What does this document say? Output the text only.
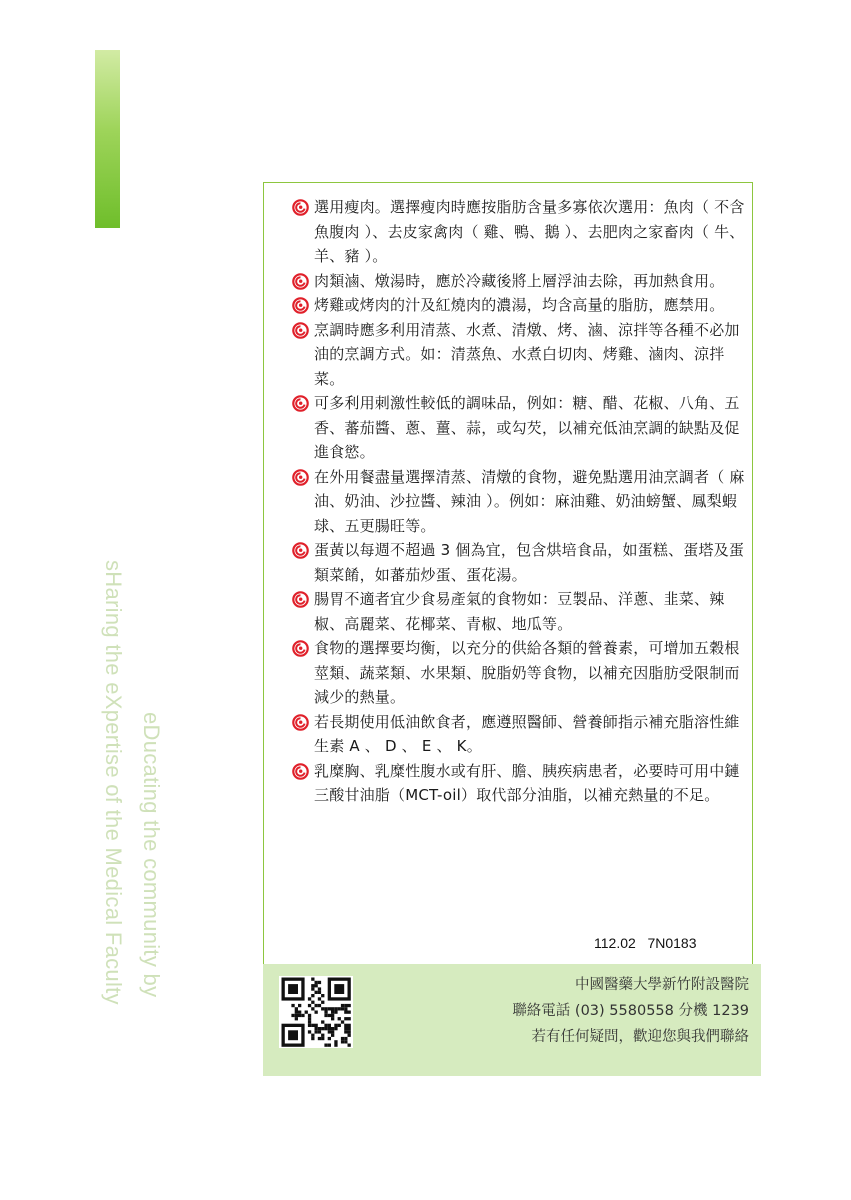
sHaring the eXpertise of the Medical Faculty eDucating the community by
選用瘦肉。選擇瘦肉時應按脂肪含量多寡依次選用：魚肉（ 不含魚腹肉 ）、去皮家禽肉（ 雞、鴨、鵝 ）、去肥肉之家畜肉（ 牛、羊、豬 ）。
肉類滷、燉湯時，應於冷藏後將上層浮油去除，再加熱食用。
烤雞或烤肉的汁及紅燒肉的濃湯，均含高量的脂肪，應禁用。
烹調時應多利用清蒸、水煮、清燉、烤、滷、涼拌等各種不必加油的烹調方式。如：清蒸魚、水煮白切肉、烤雞、滷肉、涼拌菜。
可多利用刺激性較低的調味品，例如：糖、醋、花椒、八角、五香、蕃茄醬、蔥、薑、蒜，或勾芡，以補充低油烹調的缺點及促進食慾。
在外用餐盡量選擇清蒸、清燉的食物，避免點選用油烹調者（ 麻油、奶油、沙拉醬、辣油 ）。例如：麻油雞、奶油螃蟹、鳳梨蝦球、五更腸旺等。
蛋黃以每週不超過 3 個為宜，包含烘培食品，如蛋糕、蛋塔及蛋類菜餚，如蕃茄炒蛋、蛋花湯。
腸胃不適者宜少食易產氣的食物如：豆製品、洋蔥、韭菜、辣椒、高麗菜、花椰菜、青椒、地瓜等。
食物的選擇要均衡，以充分的供給各類的營養素，可增加五穀根莖類、蔬菜類、水果類、脫脂奶等食物，以補充因脂肪受限制而減少的熱量。
若長期使用低油飲食者，應遵照醫師、營養師指示補充脂溶性維生素 A 、 D 、 E 、 K。
乳糜胸、乳糜性腹水或有肝、膽、胰疾病患者，必要時可用中鏈三酸甘油脂（MCT-oil）取代部分油脂，以補充熱量的不足。
112.02   7N0183
中國醫藥大學新竹附設醫院
聯絡電話 (03) 5580558 分機 1239
若有任何疑問，歡迎您與我們聯絡
